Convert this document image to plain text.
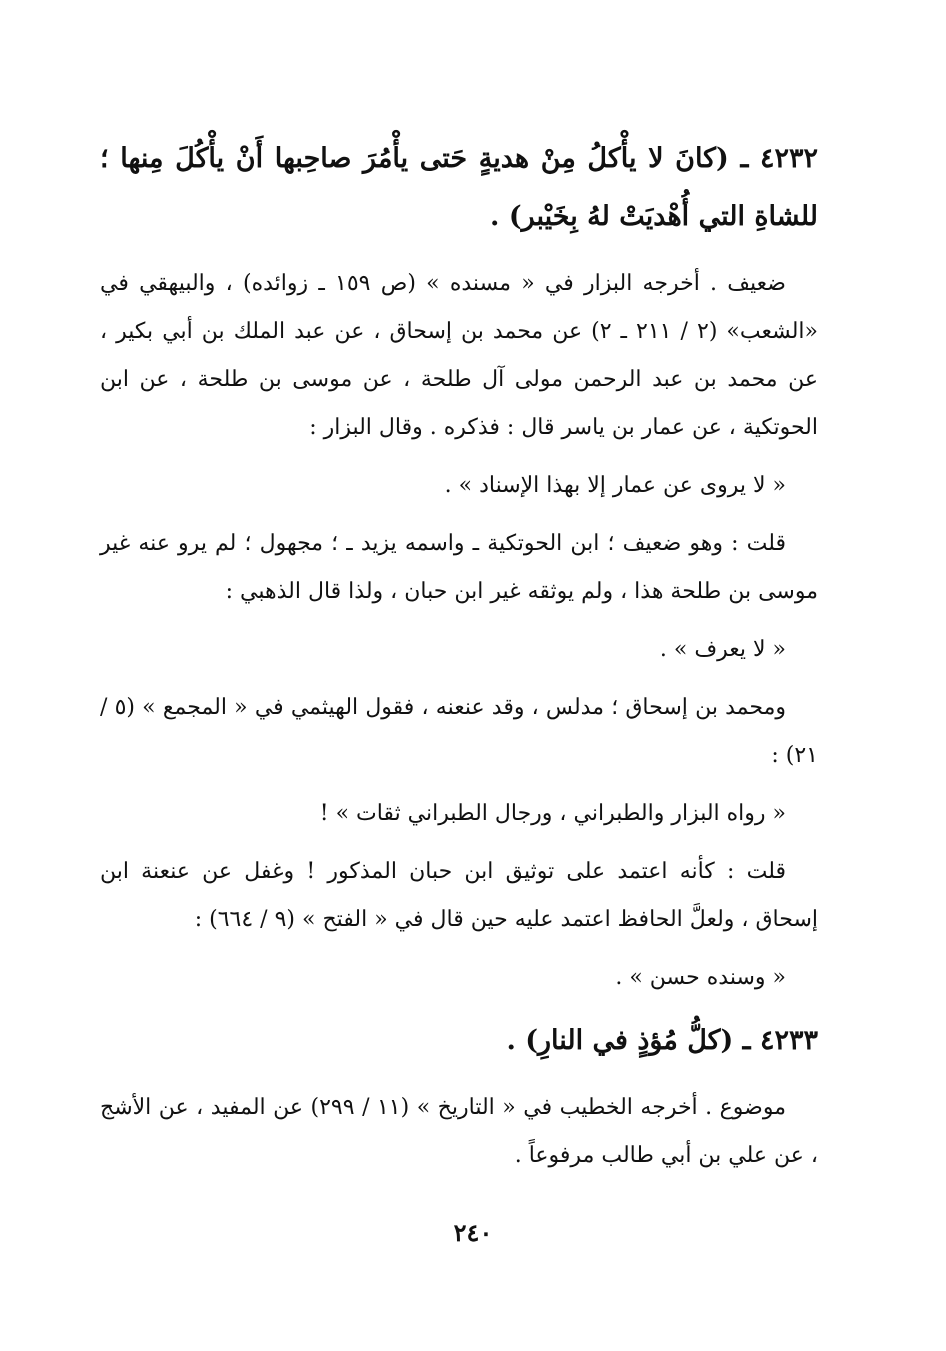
٤٢٣٢ ـ (كانَ لا يأْكلُ مِنْ هديةٍ حَتى يأْمُرَ صاحِبها أَنْ يأْكُلَ مِنها ؛ للشاةِ التي أُهْديَتْ لهُ بِخَيْبر) .

ضعيف . أخرجه البزار في « مسنده » (ص ١٥٩ ـ زوائده) ، والبيهقي في «الشعب» (٢ / ٢١١ ـ ٢) عن محمد بن إسحاق ، عن عبد الملك بن أبي بكير ، عن محمد بن عبد الرحمن مولى آل طلحة ، عن موسى بن طلحة ، عن ابن الحوتكية ، عن عمار بن ياسر قال : فذكره . وقال البزار :

« لا يروى عن عمار إلا بهذا الإسناد » .

قلت : وهو ضعيف ؛ ابن الحوتكية ـ واسمه يزيد ـ ؛ مجهول ؛ لم يرو عنه غير موسى بن طلحة هذا ، ولم يوثقه غير ابن حبان ، ولذا قال الذهبي :

« لا يعرف » .

ومحمد بن إسحاق ؛ مدلس ، وقد عنعنه ، فقول الهيثمي في « المجمع » (٥ / ٢١) :

« رواه البزار والطبراني ، ورجال الطبراني ثقات » !

قلت : كأنه اعتمد على توثيق ابن حبان المذكور ! وغفل عن عنعنة ابن إسحاق ، ولعلَّ الحافظ اعتمد عليه حين قال في « الفتح » (٩ / ٦٦٤) :

« وسنده حسن » .

٤٢٣٣ ـ (كلُّ مُؤذٍ في النارِ) .

موضوع . أخرجه الخطيب في « التاريخ » (١١ / ٢٩٩) عن المفيد ، عن الأشج ، عن علي بن أبي طالب مرفوعاً .

٢٤٠
